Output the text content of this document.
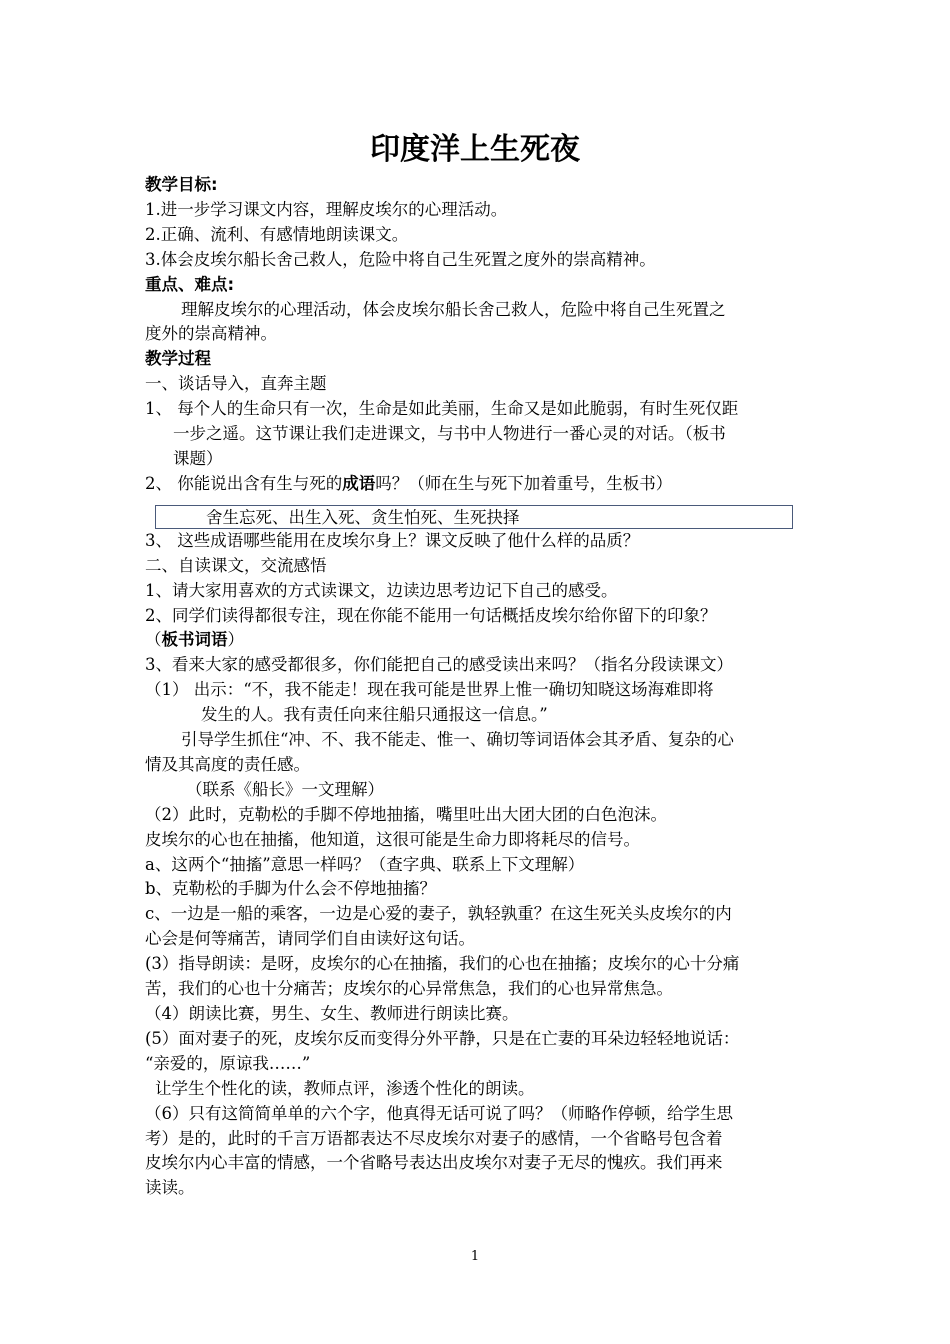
印度洋上生死夜
教学目标:
1.进一步学习课文内容，理解皮埃尔的心理活动。
2.正确、流利、有感情地朗读课文。
3.体会皮埃尔船长舍己救人，危险中将自己生死置之度外的崇高精神。
重点、难点:
理解皮埃尔的心理活动，体会皮埃尔船长舍己救人，危险中将自己生死置之
度外的崇高精神。
教学过程
一、谈话导入，直奔主题
1、 每个人的生命只有一次，生命是如此美丽，生命又是如此脆弱，有时生死仅距
一步之遥。这节课让我们走进课文，与书中人物进行一番心灵的对话。（板书
课题）
2、 你能说出含有生与死的成语吗？（师在生与死下加着重号，生板书）
舍生忘死、出生入死、贪生怕死、生死抉择
3、 这些成语哪些能用在皮埃尔身上？课文反映了他什么样的品质？
二、自读课文，交流感悟
1、请大家用喜欢的方式读课文，边读边思考边记下自己的感受。
2、同学们读得都很专注，现在你能不能用一句话概括皮埃尔给你留下的印象？
（板书词语）
3、看来大家的感受都很多，你们能把自己的感受读出来吗？（指名分段读课文）
（1） 出示：“不，我不能走！现在我可能是世界上惟一确切知晓这场海难即将
发生的人。我有责任向来往船只通报这一信息。”
引导学生抓住“冲、不、我不能走、惟一、确切等词语体会其矛盾、复杂的心
情及其高度的责任感。
（联系《船长》一文理解）
（2）此时，克勒松的手脚不停地抽搐，嘴里吐出大团大团的白色泡沫。
皮埃尔的心也在抽搐，他知道，这很可能是生命力即将耗尽的信号。
a、这两个“抽搐”意思一样吗？（查字典、联系上下文理解）
b、克勒松的手脚为什么会不停地抽搐？
c、一边是一船的乘客，一边是心爱的妻子，孰轻孰重？在这生死关头皮埃尔的内
心会是何等痛苦，请同学们自由读好这句话。
(3）指导朗读：是呀，皮埃尔的心在抽搐，我们的心也在抽搐；皮埃尔的心十分痛
苦，我们的心也十分痛苦；皮埃尔的心异常焦急，我们的心也异常焦急。
（4）朗读比赛，男生、女生、教师进行朗读比赛。
(5）面对妻子的死，皮埃尔反而变得分外平静，只是在亡妻的耳朵边轻轻地说话：
“亲爱的，原谅我……”
让学生个性化的读，教师点评，渗透个性化的朗读。
（6）只有这简简单单的六个字，他真得无话可说了吗？（师略作停顿，给学生思
考）是的，此时的千言万语都表达不尽皮埃尔对妻子的感情，一个省略号包含着
皮埃尔内心丰富的情感，一个省略号表达出皮埃尔对妻子无尽的愧疚。我们再来
读读。
1
